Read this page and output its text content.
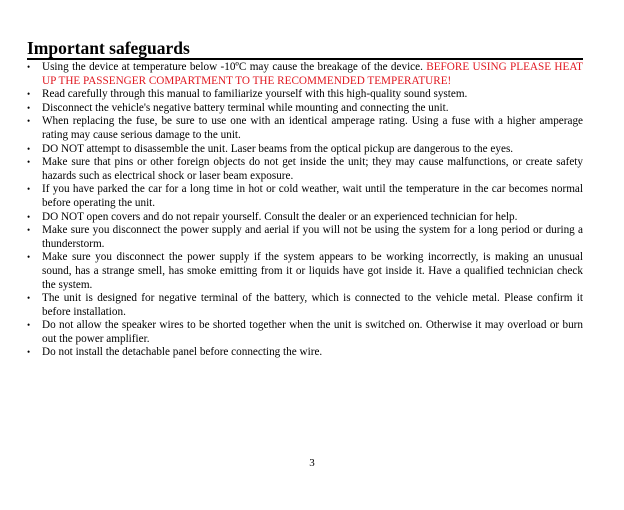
Important safeguards
•	Using the device at temperature below -10ºC may cause the breakage of the device. BEFORE USING PLEASE HEAT UP THE PASSENGER COMPARTMENT TO THE RECOMMENDED TEMPERATURE!
•	Read carefully through this manual to familiarize yourself with this high-quality sound system.
•	Disconnect the vehicle's negative battery terminal while mounting and connecting the unit.
•	When replacing the fuse, be sure to use one with an identical amperage rating. Using a fuse with a higher amperage rating may cause serious damage to the unit.
•	DO NOT attempt to disassemble the unit. Laser beams from the optical pickup are dangerous to the eyes.
•	Make sure that pins or other foreign objects do not get inside the unit; they may cause malfunctions, or create safety hazards such as electrical shock or laser beam exposure.
•	If you have parked the car for a long time in hot or cold weather, wait until the temperature in the car becomes normal before operating the unit.
•	DO NOT open covers and do not repair yourself. Consult the dealer or an experienced technician for help.
•	Make sure you disconnect the power supply and aerial if you will not be using the system for a long period or during a thunderstorm.
•	Make sure you disconnect the power supply if the system appears to be working incorrectly, is making an unusual sound, has a strange smell, has smoke emitting from it or liquids have got inside it. Have a qualified technician check the system.
•	The unit is designed for negative terminal of the battery, which is connected to the vehicle metal. Please confirm it before installation.
•	Do not allow the speaker wires to be shorted together when the unit is switched on. Otherwise it may overload or burn out the power amplifier.
•	Do not install the detachable panel before connecting the wire.
3
